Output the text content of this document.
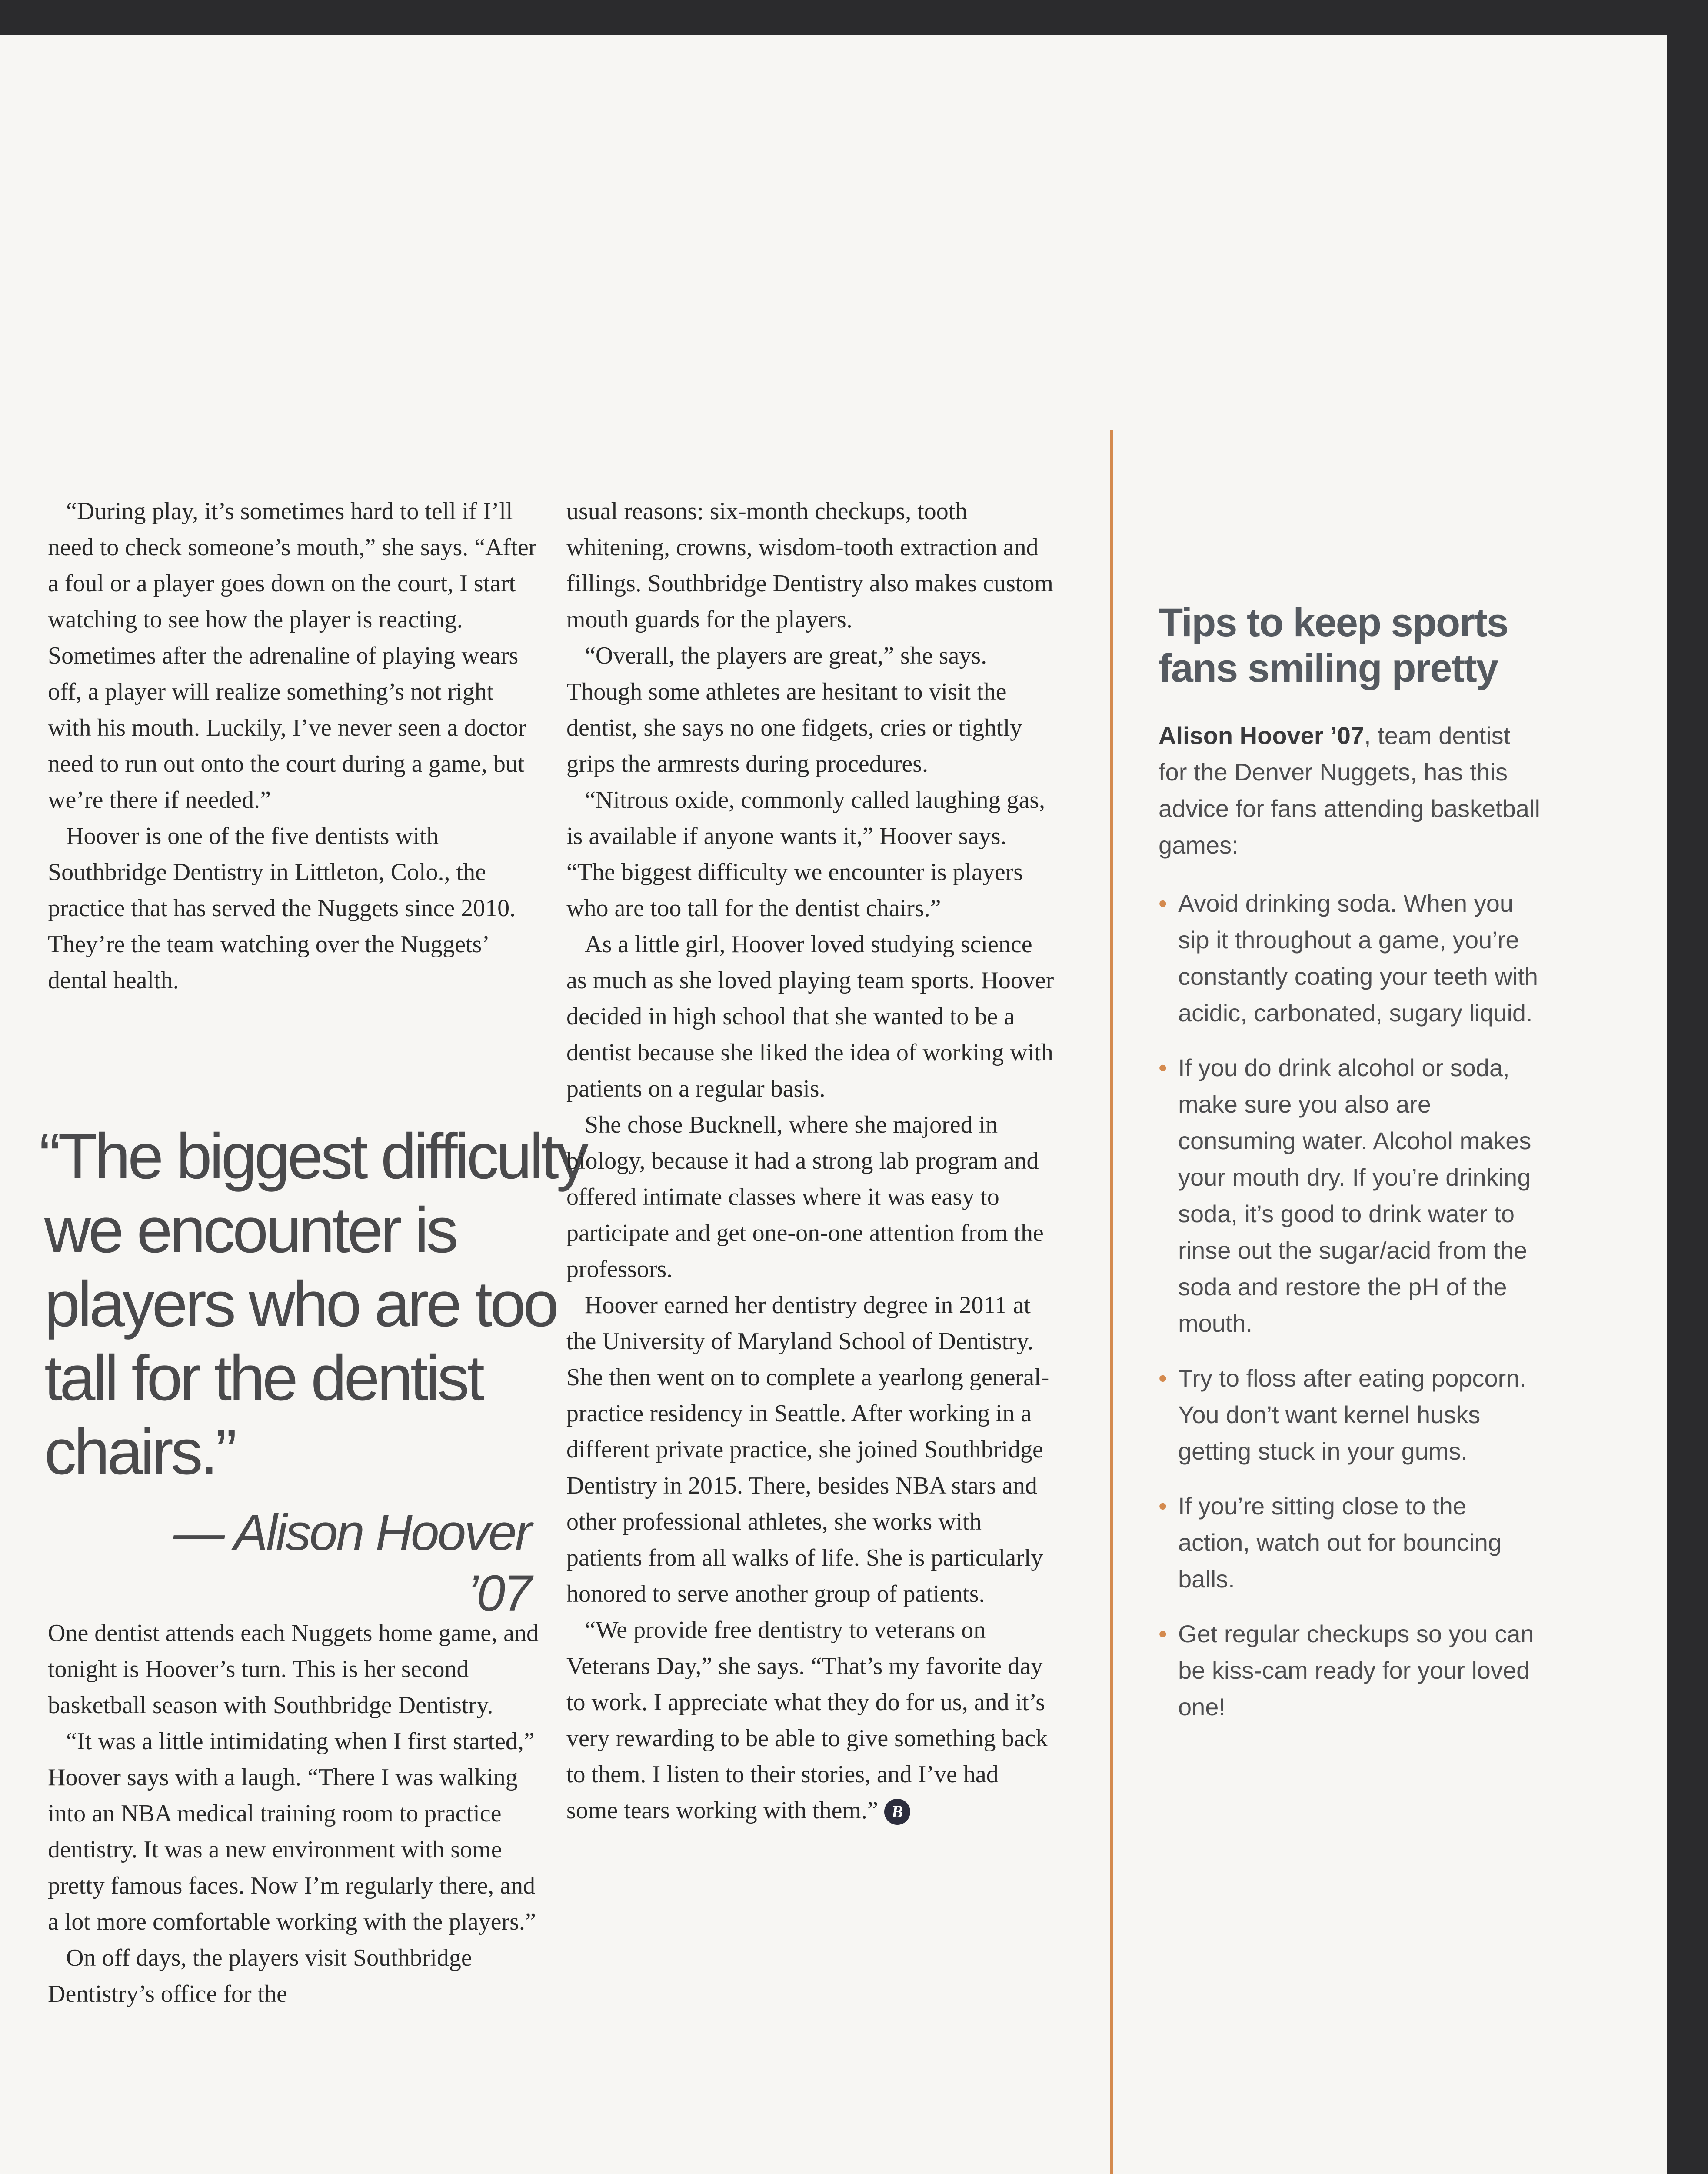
“During play, it’s sometimes hard to tell if I’ll need to check someone’s mouth,” she says. “After a foul or a player goes down on the court, I start watching to see how the player is reacting. Sometimes after the adrenaline of playing wears off, a player will realize something’s not right with his mouth. Luckily, I’ve never seen a doctor need to run out onto the court during a game, but we’re there if needed.”

Hoover is one of the five dentists with Southbridge Dentistry in Littleton, Colo., the practice that has served the Nuggets since 2010. They’re the team watching over the Nuggets’ dental health.

“The biggest difficulty
we encounter is
players who are too
tall for the dentist
chairs.”
— Alison Hoover ’07

One dentist attends each Nuggets home game, and tonight is Hoover’s turn. This is her second basketball season with Southbridge Dentistry.

“It was a little intimidating when I first started,” Hoover says with a laugh. “There I was walking into an NBA medical training room to practice dentistry. It was a new environment with some pretty famous faces. Now I’m regularly there, and a lot more comfortable working with the players.”

On off days, the players visit Southbridge Dentistry’s office for the

usual reasons: six-month checkups, tooth whitening, crowns, wisdom-tooth extraction and fillings. Southbridge Dentistry also makes custom mouth guards for the players.

“Overall, the players are great,” she says. Though some athletes are hesitant to visit the dentist, she says no one fidgets, cries or tightly grips the armrests during procedures.

“Nitrous oxide, commonly called laughing gas, is available if anyone wants it,” Hoover says. “The biggest difficulty we encounter is players who are too tall for the dentist chairs.”

As a little girl, Hoover loved studying science as much as she loved playing team sports. Hoover decided in high school that she wanted to be a dentist because she liked the idea of working with patients on a regular basis.

She chose Bucknell, where she majored in biology, because it had a strong lab program and offered intimate classes where it was easy to participate and get one-on-one attention from the professors.

Hoover earned her dentistry degree in 2011 at the University of Maryland School of Dentistry. She then went on to complete a yearlong general-practice residency in Seattle. After working in a different private practice, she joined Southbridge Dentistry in 2015. There, besides NBA stars and other professional athletes, she works with patients from all walks of life. She is particularly honored to serve another group of patients.

“We provide free dentistry to veterans on Veterans Day,” she says. “That’s my favorite day to work. I appreciate what they do for us, and it’s very rewarding to be able to give something back to them. I listen to their stories, and I’ve had some tears working with them.” B

Tips to keep sports fans smiling pretty

Alison Hoover ’07, team dentist for the Denver Nuggets, has this advice for fans attending basketball games:

• Avoid drinking soda. When you sip it throughout a game, you’re constantly coating your teeth with acidic, carbonated, sugary liquid.
• If you do drink alcohol or soda, make sure you also are consuming water. Alcohol makes your mouth dry. If you’re drinking soda, it’s good to drink water to rinse out the sugar/acid from the soda and restore the pH of the mouth.
• Try to floss after eating popcorn. You don’t want kernel husks getting stuck in your gums.
• If you’re sitting close to the action, watch out for bouncing balls.
• Get regular checkups so you can be kiss-cam ready for your loved one!
